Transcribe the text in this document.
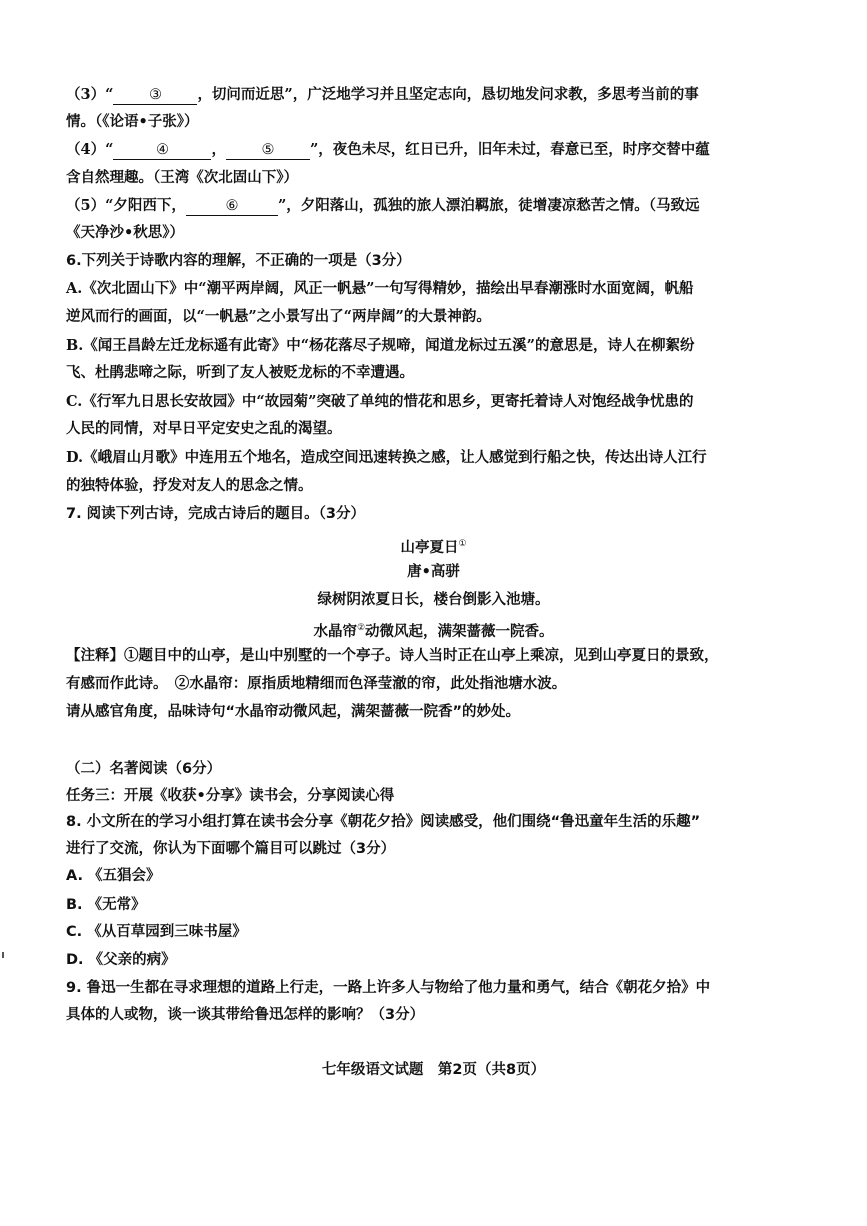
（3）“ ③ ，切问而近思”，广泛地学习并且坚定志向，恳切地发问求教，多思考当前的事
情。（《论语•子张》）
（4）“	④	， ⑤ ”，夜色未尽，红日已升，旧年未过，春意已至，时序交替中蕴
含自然理趣。（王湾《次北固山下》）
（5）“夕阳西下，	⑥	”，夕阳落山，孤独的旅人漂泊羁旅，徒增凄凉愁苦之情。（马致远
《天净沙•秋思》）
6.下列关于诗歌内容的理解，不正确的一项是（3分）
A.《次北固山下》中“潮平两岸阔，风正一帆悬”一句写得精妙，描绘出早春潮涨时水面宽阔，帆船
逆风而行的画面，以“一帆悬”之小景写出了“两岸阔”的大景神韵。
B.《闻王昌龄左迁龙标遥有此寄》中“杨花落尽子规啼，闻道龙标过五溪”的意思是，诗人在柳絮纷
飞、杜鹃悲啼之际，听到了友人被贬龙标的不幸遭遇。
C.《行军九日思长安故园》中“故园菊”突破了单纯的惜花和思乡，更寄托着诗人对饱经战争忧患的
人民的同情，对早日平定安史之乱的渴望。
D.《峨眉山月歌》中连用五个地名，造成空间迅速转换之感，让人感觉到行船之快，传达出诗人江行
的独特体验，抒发对友人的思念之情。
7. 阅读下列古诗，完成古诗后的题目。（3分）
山亭夏日①
唐•高骈
绿树阴浓夏日长，楼台倒影入池塘。
水晶帘②动微风起，满架蔷薇一院香。
【注释】①题目中的山亭，是山中别墅的一个亭子。诗人当时正在山亭上乘凉，见到山亭夏日的景致，
有感而作此诗。　②水晶帘：原指质地精细而色泽莹澈的帘，此处指池塘水波。
请从感官角度，品味诗句“水晶帘动微风起，满架蔷薇一院香”的妙处。
（二）名著阅读（6分）
任务三：开展《收获•分享》读书会，分享阅读心得
8. 小文所在的学习小组打算在读书会分享《朝花夕拾》阅读感受，他们围绕“鲁迅童年生活的乐趣”
进行了交流，你认为下面哪个篇目可以跳过（3分）
A. 《五猖会》
B. 《无常》
C. 《从百草园到三味书屋》
D. 《父亲的病》
9. 鲁迅一生都在寻求理想的道路上行走，一路上许多人与物给了他力量和勇气，结合《朝花夕拾》中
具体的人或物，谈一谈其带给鲁迅怎样的影响？（3分）
七年级语文试题　第2页（共8页）
